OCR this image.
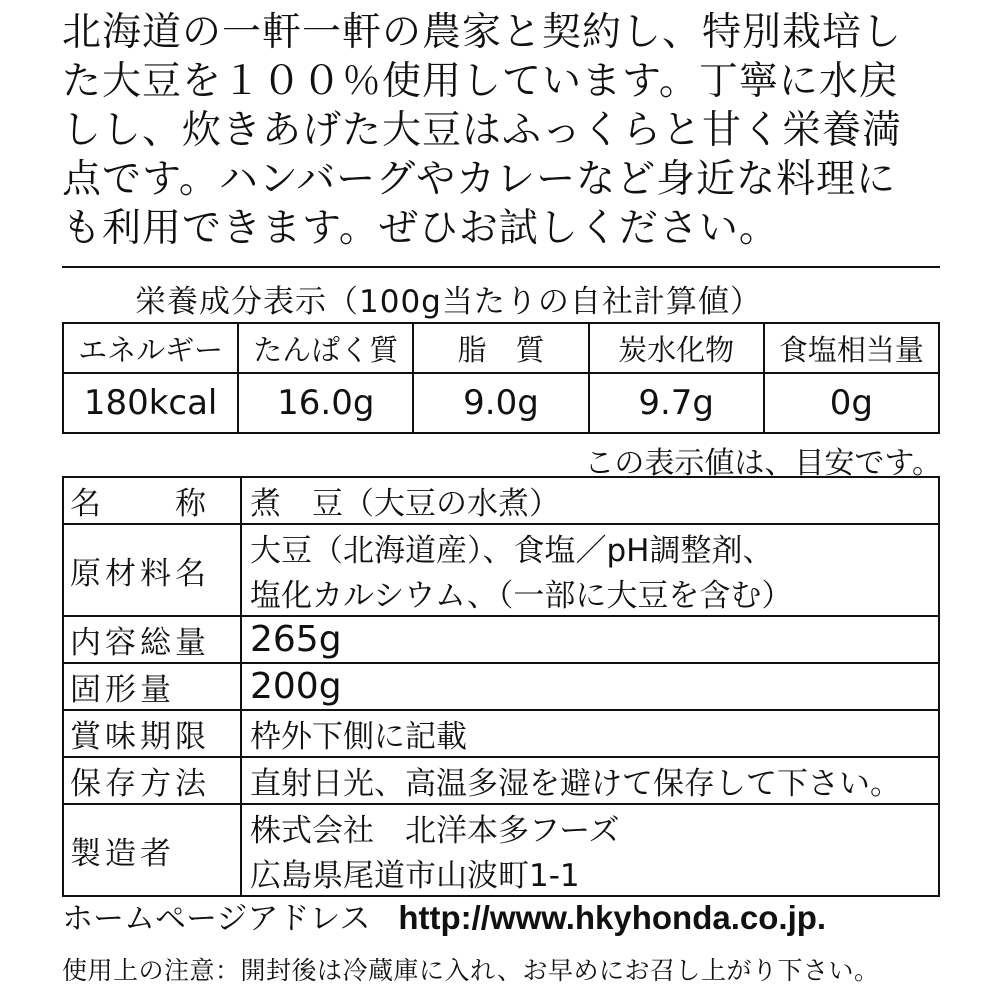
北海道の一軒一軒の農家と契約し、特別栽培し
た大豆を１００％使用しています。丁寧に水戻
しし、炊きあげた大豆はふっくらと甘く栄養満
点です。ハンバーグやカレーなど身近な料理に
も利用できます。ぜひお試しください。
栄養成分表示（100g当たりの自社計算値）
エネルギー	たんぱく質	脂　質	炭水化物	食塩相当量
180kcal	16.0g	9.0g	9.7g	0g
この表示値は、目安です。
名　　称	煮　豆（大豆の水煮）
原材料名	大豆（北海道産）、食塩／pH調整剤、
塩化カルシウム、（一部に大豆を含む）

内容総量	265g

固形量	200g
賞味期限	枠外下側に記載
保存方法	直射日光、高温多湿を避けて保存して下さい。

製造者	株式会社　北洋本多フーズ
広島県尾道市山波町1-1
ホームページアドレス http://www.hkyhonda.co.jp.
使用上の注意：開封後は冷蔵庫に入れ、お早めにお召し上がり下さい。
